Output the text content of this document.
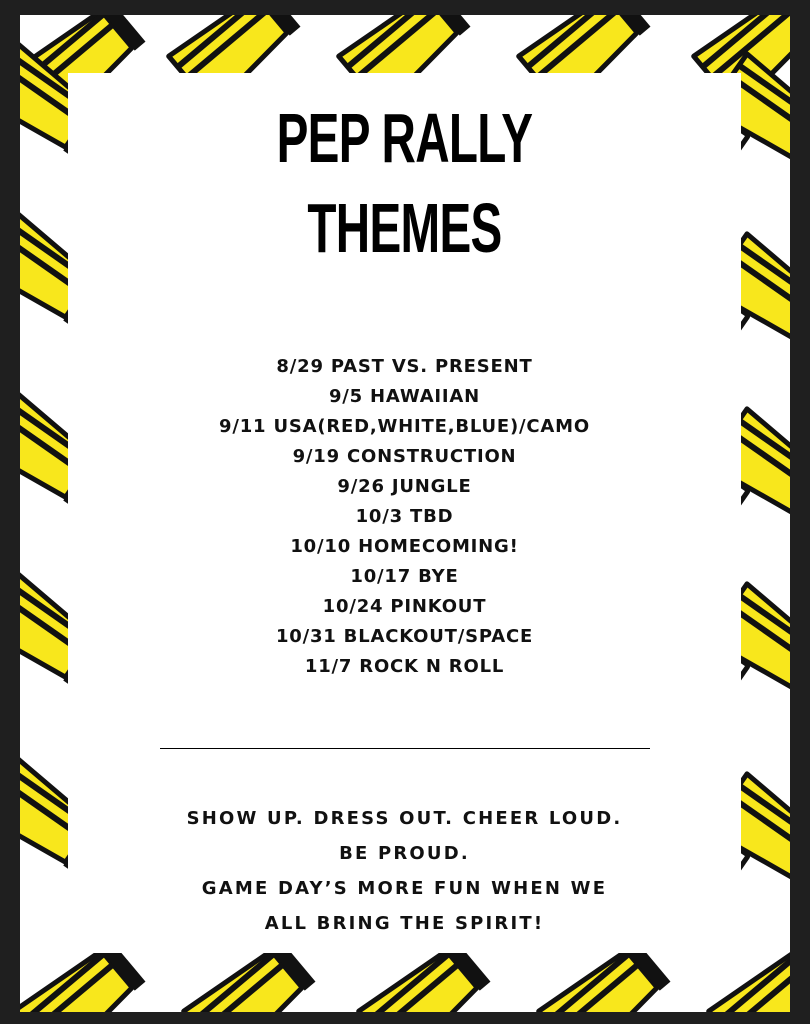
PEP RALLY
THEMES
8/29 PAST VS. PRESENT
9/5 HAWAIIAN
9/11 USA(RED,WHITE,BLUE)/CAMO
9/19 CONSTRUCTION
9/26 JUNGLE
10/3 TBD
10/10 HOMECOMING!
10/17 BYE
10/24 PINKOUT
10/31 BLACKOUT/SPACE
11/7 ROCK N ROLL
SHOW UP. DRESS OUT. CHEER LOUD.
BE PROUD.
GAME DAY’S MORE FUN WHEN WE
ALL BRING THE SPIRIT!
